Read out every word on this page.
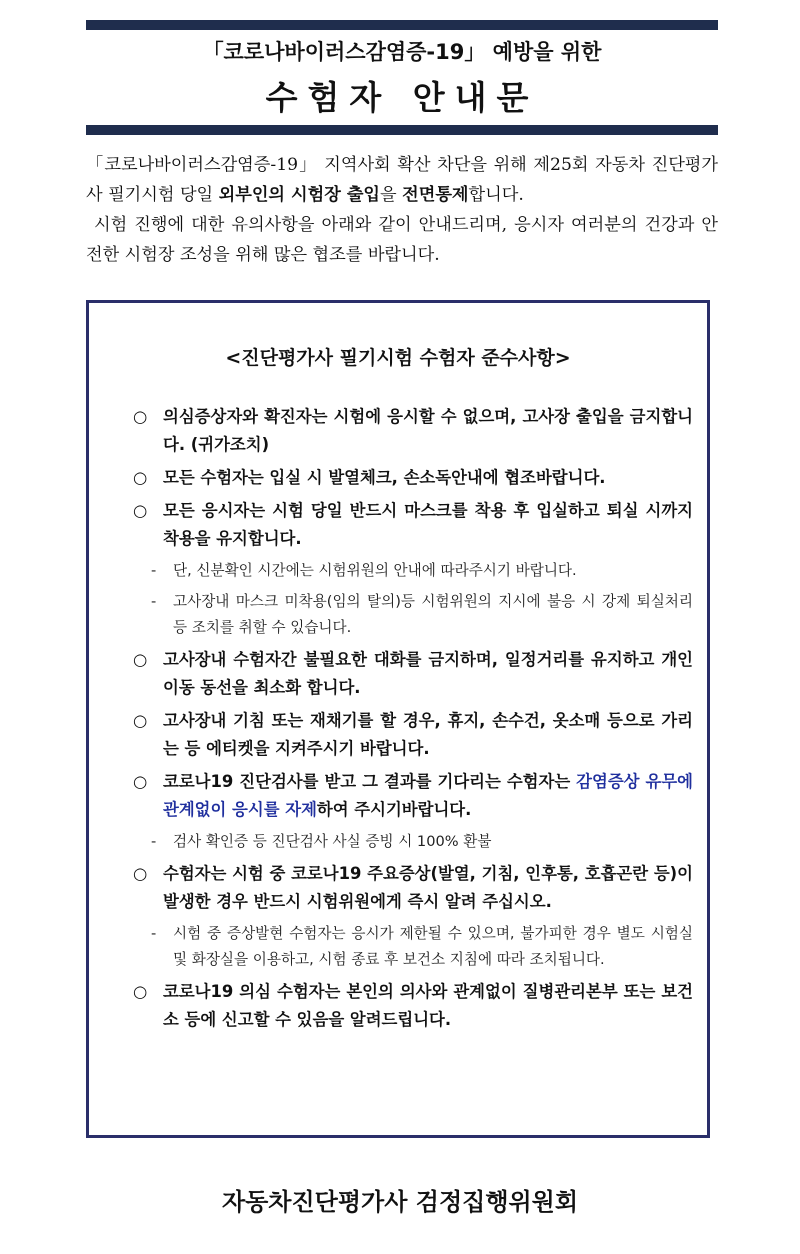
「코로나바이러스감염증-19」 예방을 위한
수험자 안내문

「코로나바이러스감염증-19」 지역사회 확산 차단을 위해 제25회 자동차 진단평가사 필기시험 당일 외부인의 시험장 출입을 전면통제합니다.

시험 진행에 대한 유의사항을 아래와 같이 안내드리며, 응시자 여러분의 건강과 안전한 시험장 조성을 위해 많은 협조를 바랍니다.

<진단평가사 필기시험 수험자 준수사항>
○ 의심증상자와 확진자는 시험에 응시할 수 없으며, 고사장 출입을 금지합니다. (귀가조치)
○ 모든 수험자는 입실 시 발열체크, 손소독안내에 협조바랍니다.
○ 모든 응시자는 시험 당일 반드시 마스크를 착용 후 입실하고 퇴실 시까지 착용을 유지합니다.
- 단, 신분확인 시간에는 시험위원의 안내에 따라주시기 바랍니다.
- 고사장내 마스크 미착용(임의 탈의)등 시험위원의 지시에 불응 시 강제 퇴실처리 등 조치를 취할 수 있습니다.
○ 고사장내 수험자간 불필요한 대화를 금지하며, 일정거리를 유지하고 개인 이동 동선을 최소화 합니다.
○ 고사장내 기침 또는 재채기를 할 경우, 휴지, 손수건, 옷소매 등으로 가리는 등 에티켓을 지켜주시기 바랍니다.
○ 코로나19 진단검사를 받고 그 결과를 기다리는 수험자는 감염증상 유무에 관계없이 응시를 자제하여 주시기바랍니다.
- 검사 확인증 등 진단검사 사실 증빙 시 100% 환불
○ 수험자는 시험 중 코로나19 주요증상(발열, 기침, 인후통, 호흡곤란 등)이 발생한 경우 반드시 시험위원에게 즉시 알려 주십시오.
- 시험 중 증상발현 수험자는 응시가 제한될 수 있으며, 불가피한 경우 별도 시험실 및 화장실을 이용하고, 시험 종료 후 보건소 지침에 따라 조치됩니다.
○ 코로나19 의심 수험자는 본인의 의사와 관계없이 질병관리본부 또는 보건소 등에 신고할 수 있음을 알려드립니다.
자동차진단평가사 검정집행위원회
